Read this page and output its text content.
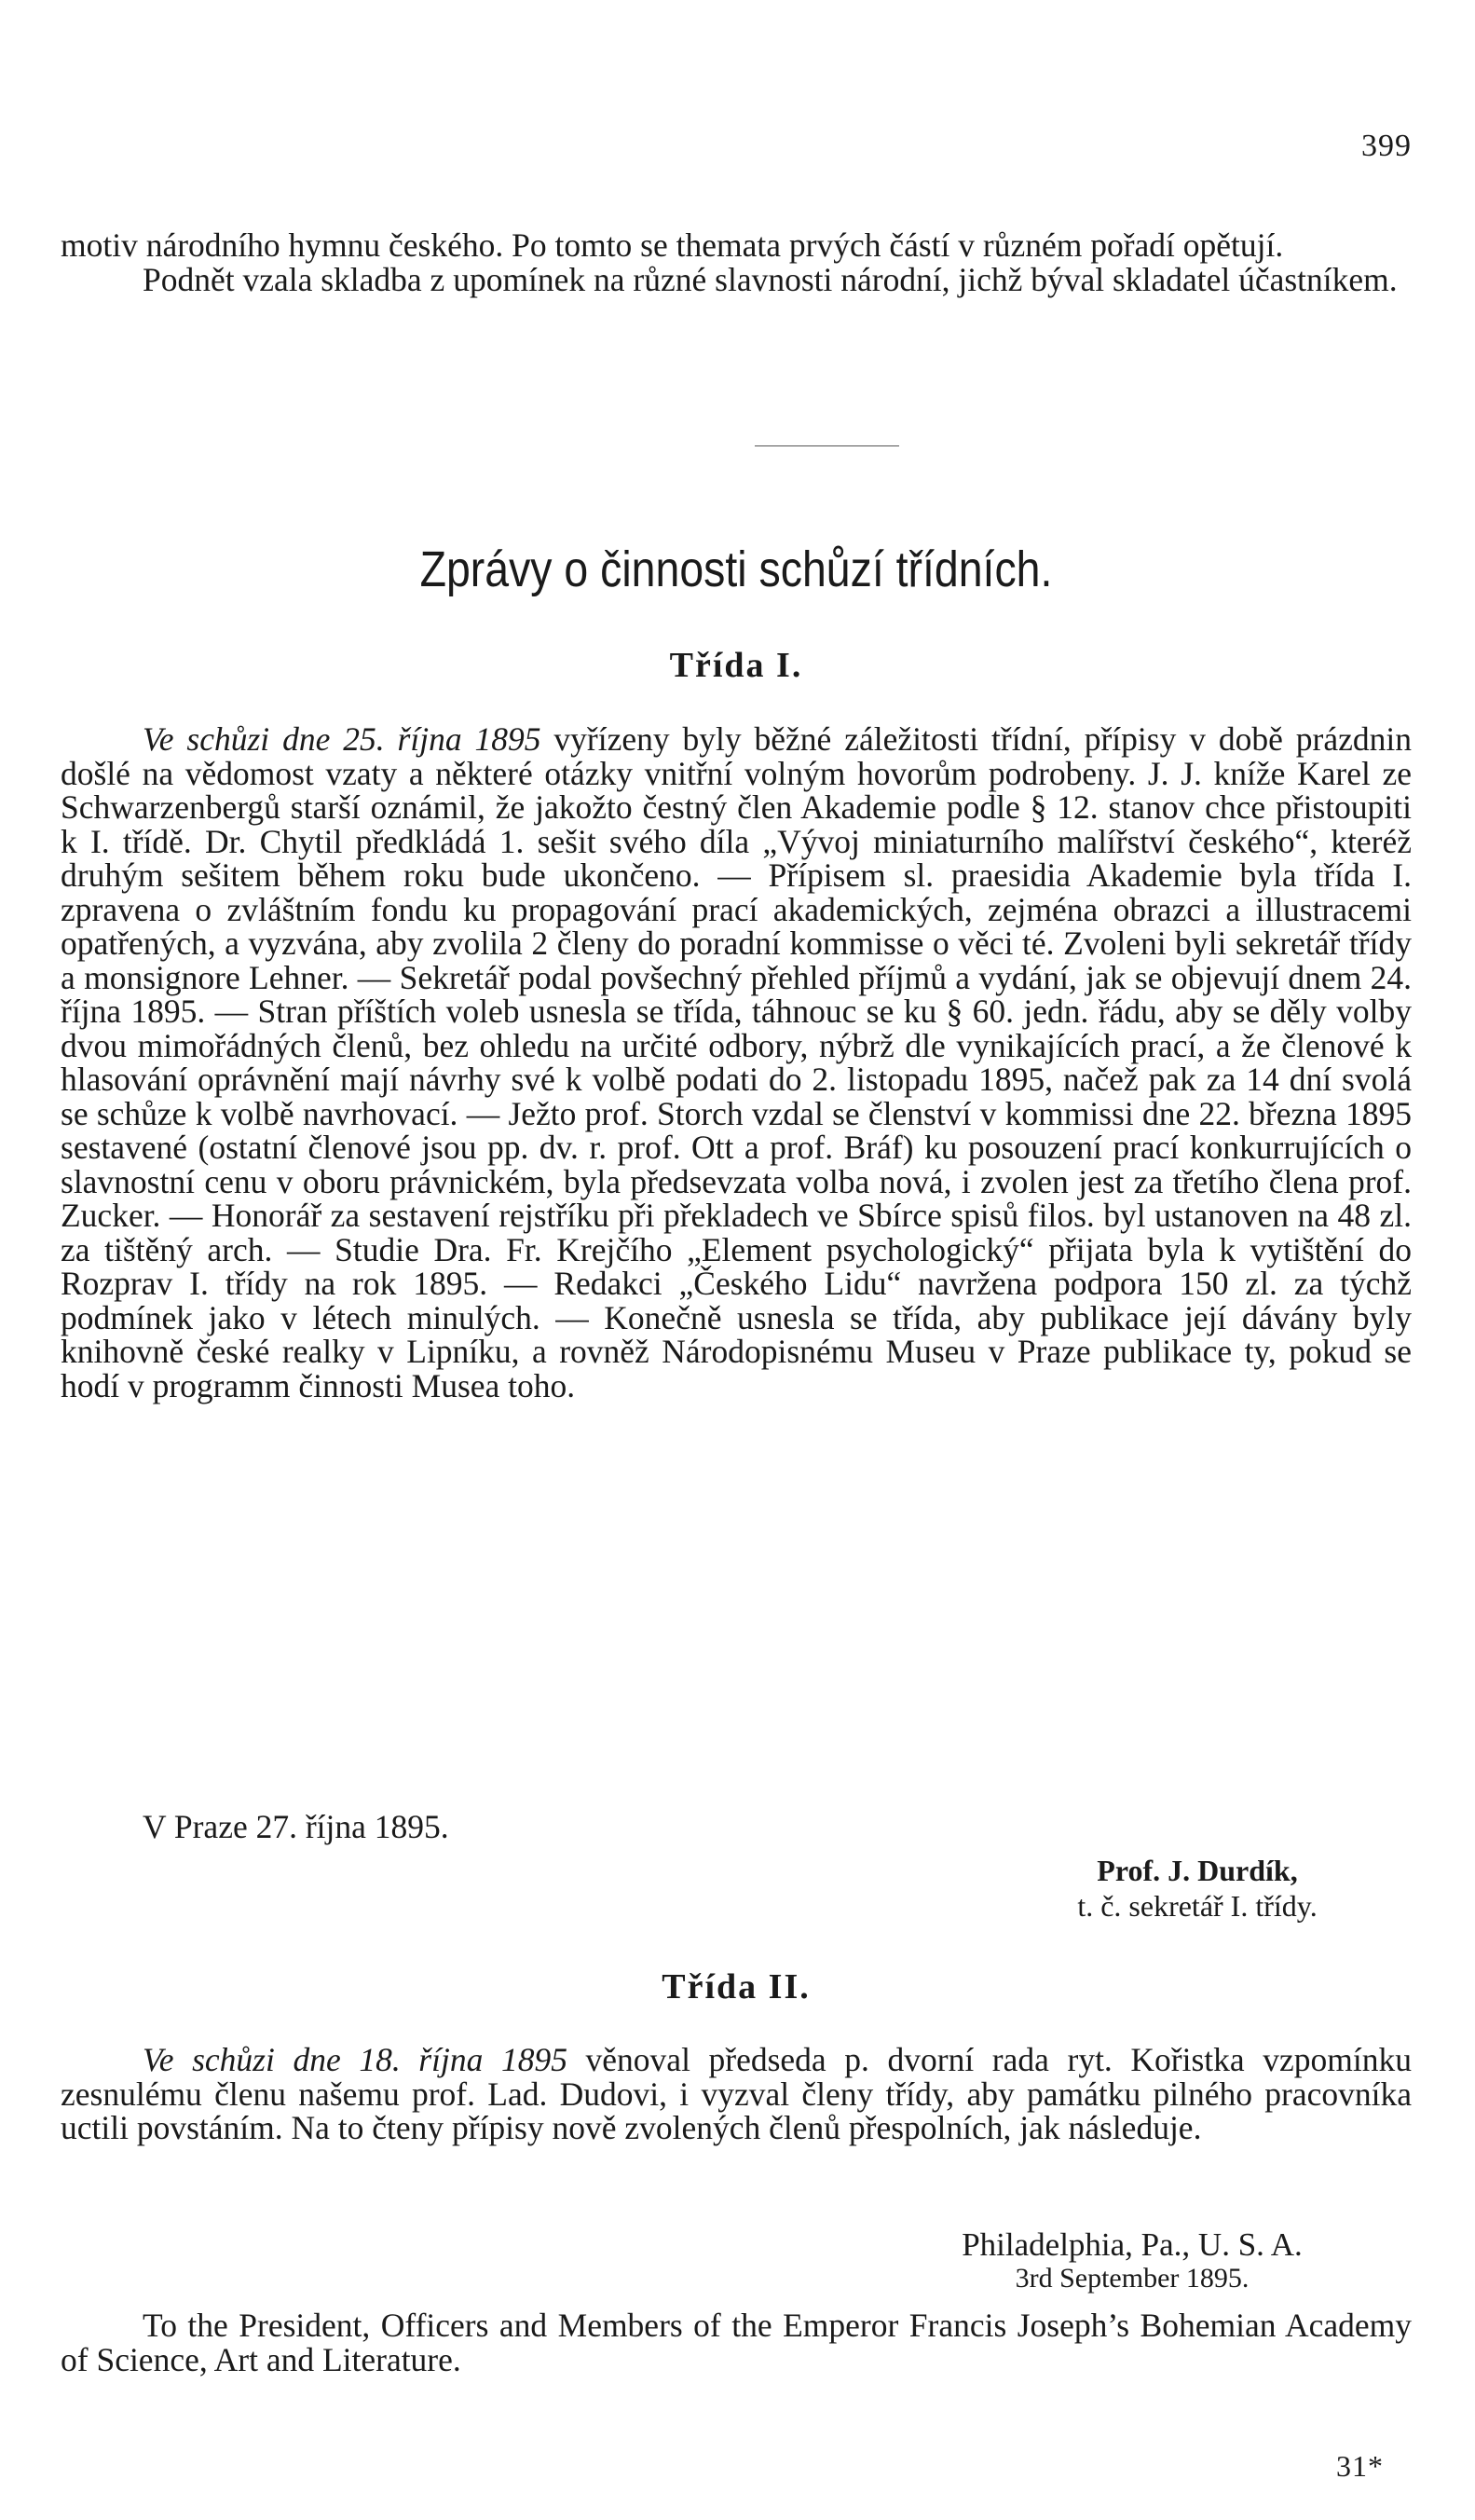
399

motiv národního hymnu českého. Po tomto se themata prvých částí v různém pořadí opětují.

Podnět vzala skladba z upomínek na různé slavnosti národní, jichž býval skladatel účastníkem.

Zprávy o činnosti schůzí třídních.
Třída I.

Ve schůzi dne 25. října 1895 vyřízeny byly běžné záležitosti třídní, přípisy v době prázdnin došlé na vědomost vzaty a některé otázky vnitřní volným hovorům podrobeny. J. J. kníže Karel ze Schwarzenbergů starší oznámil, že jakožto čestný člen Akademie podle § 12. stanov chce přistoupiti k I. třídě. Dr. Chytil předkládá 1. sešit svého díla „Vývoj miniaturního malířství českého“, kteréž druhým sešitem během roku bude ukončeno. — Přípisem sl. praesidia Akademie byla třída I. zpravena o zvláštním fondu ku propagování prací akademických, zejména obrazci a illustracemi opatřených, a vyzvána, aby zvolila 2 členy do poradní kommisse o věci té. Zvoleni byli sekretář třídy a monsignore Lehner. — Sekretář podal povšechný přehled příjmů a vydání, jak se objevují dnem 24. října 1895. — Stran příštích voleb usnesla se třída, táhnouc se ku § 60. jedn. řádu, aby se děly volby dvou mimořádných členů, bez ohledu na určité odbory, nýbrž dle vynikajících prací, a že členové k hlasování oprávnění mají návrhy své k volbě podati do 2. listopadu 1895, načež pak za 14 dní svolá se schůze k volbě navrhovací. — Ježto prof. Storch vzdal se členství v kommissi dne 22. března 1895 sestavené (ostatní členové jsou pp. dv. r. prof. Ott a prof. Bráf) ku posouzení prací konkurrujících o slavnostní cenu v oboru právnickém, byla předsevzata volba nová, i zvolen jest za třetího člena prof. Zucker. — Honorář za sestavení rejstříku při překladech ve Sbírce spisů filos. byl ustanoven na 48 zl. za tištěný arch. — Studie Dra. Fr. Krejčího „Element psychologický“ přijata byla k vytištění do Rozprav I. třídy na rok 1895. — Redakci „Českého Lidu“ navržena podpora 150 zl. za týchž podmínek jako v létech minulých. — Konečně usnesla se třída, aby publikace její dávány byly knihovně české realky v Lipníku, a rovněž Národopisnému Museu v Praze publikace ty, pokud se hodí v programm činnosti Musea toho.

V Praze 27. října 1895.

Prof. J. Durdík,
t. č. sekretář I. třídy.
Třída II.

Ve schůzi dne 18. října 1895 věnoval předseda p. dvorní rada ryt. Kořistka vzpomínku zesnulému členu našemu prof. Lad. Dudovi, i vyzval členy třídy, aby památku pilného pracovníka uctili povstáním. Na to čteny přípisy nově zvolených členů přespolních, jak následuje.

Philadelphia, Pa., U. S. A.
3rd September 1895.

To the President, Officers and Members of the Emperor Francis Joseph’s Bohemian Academy of Science, Art and Literature.

31*
